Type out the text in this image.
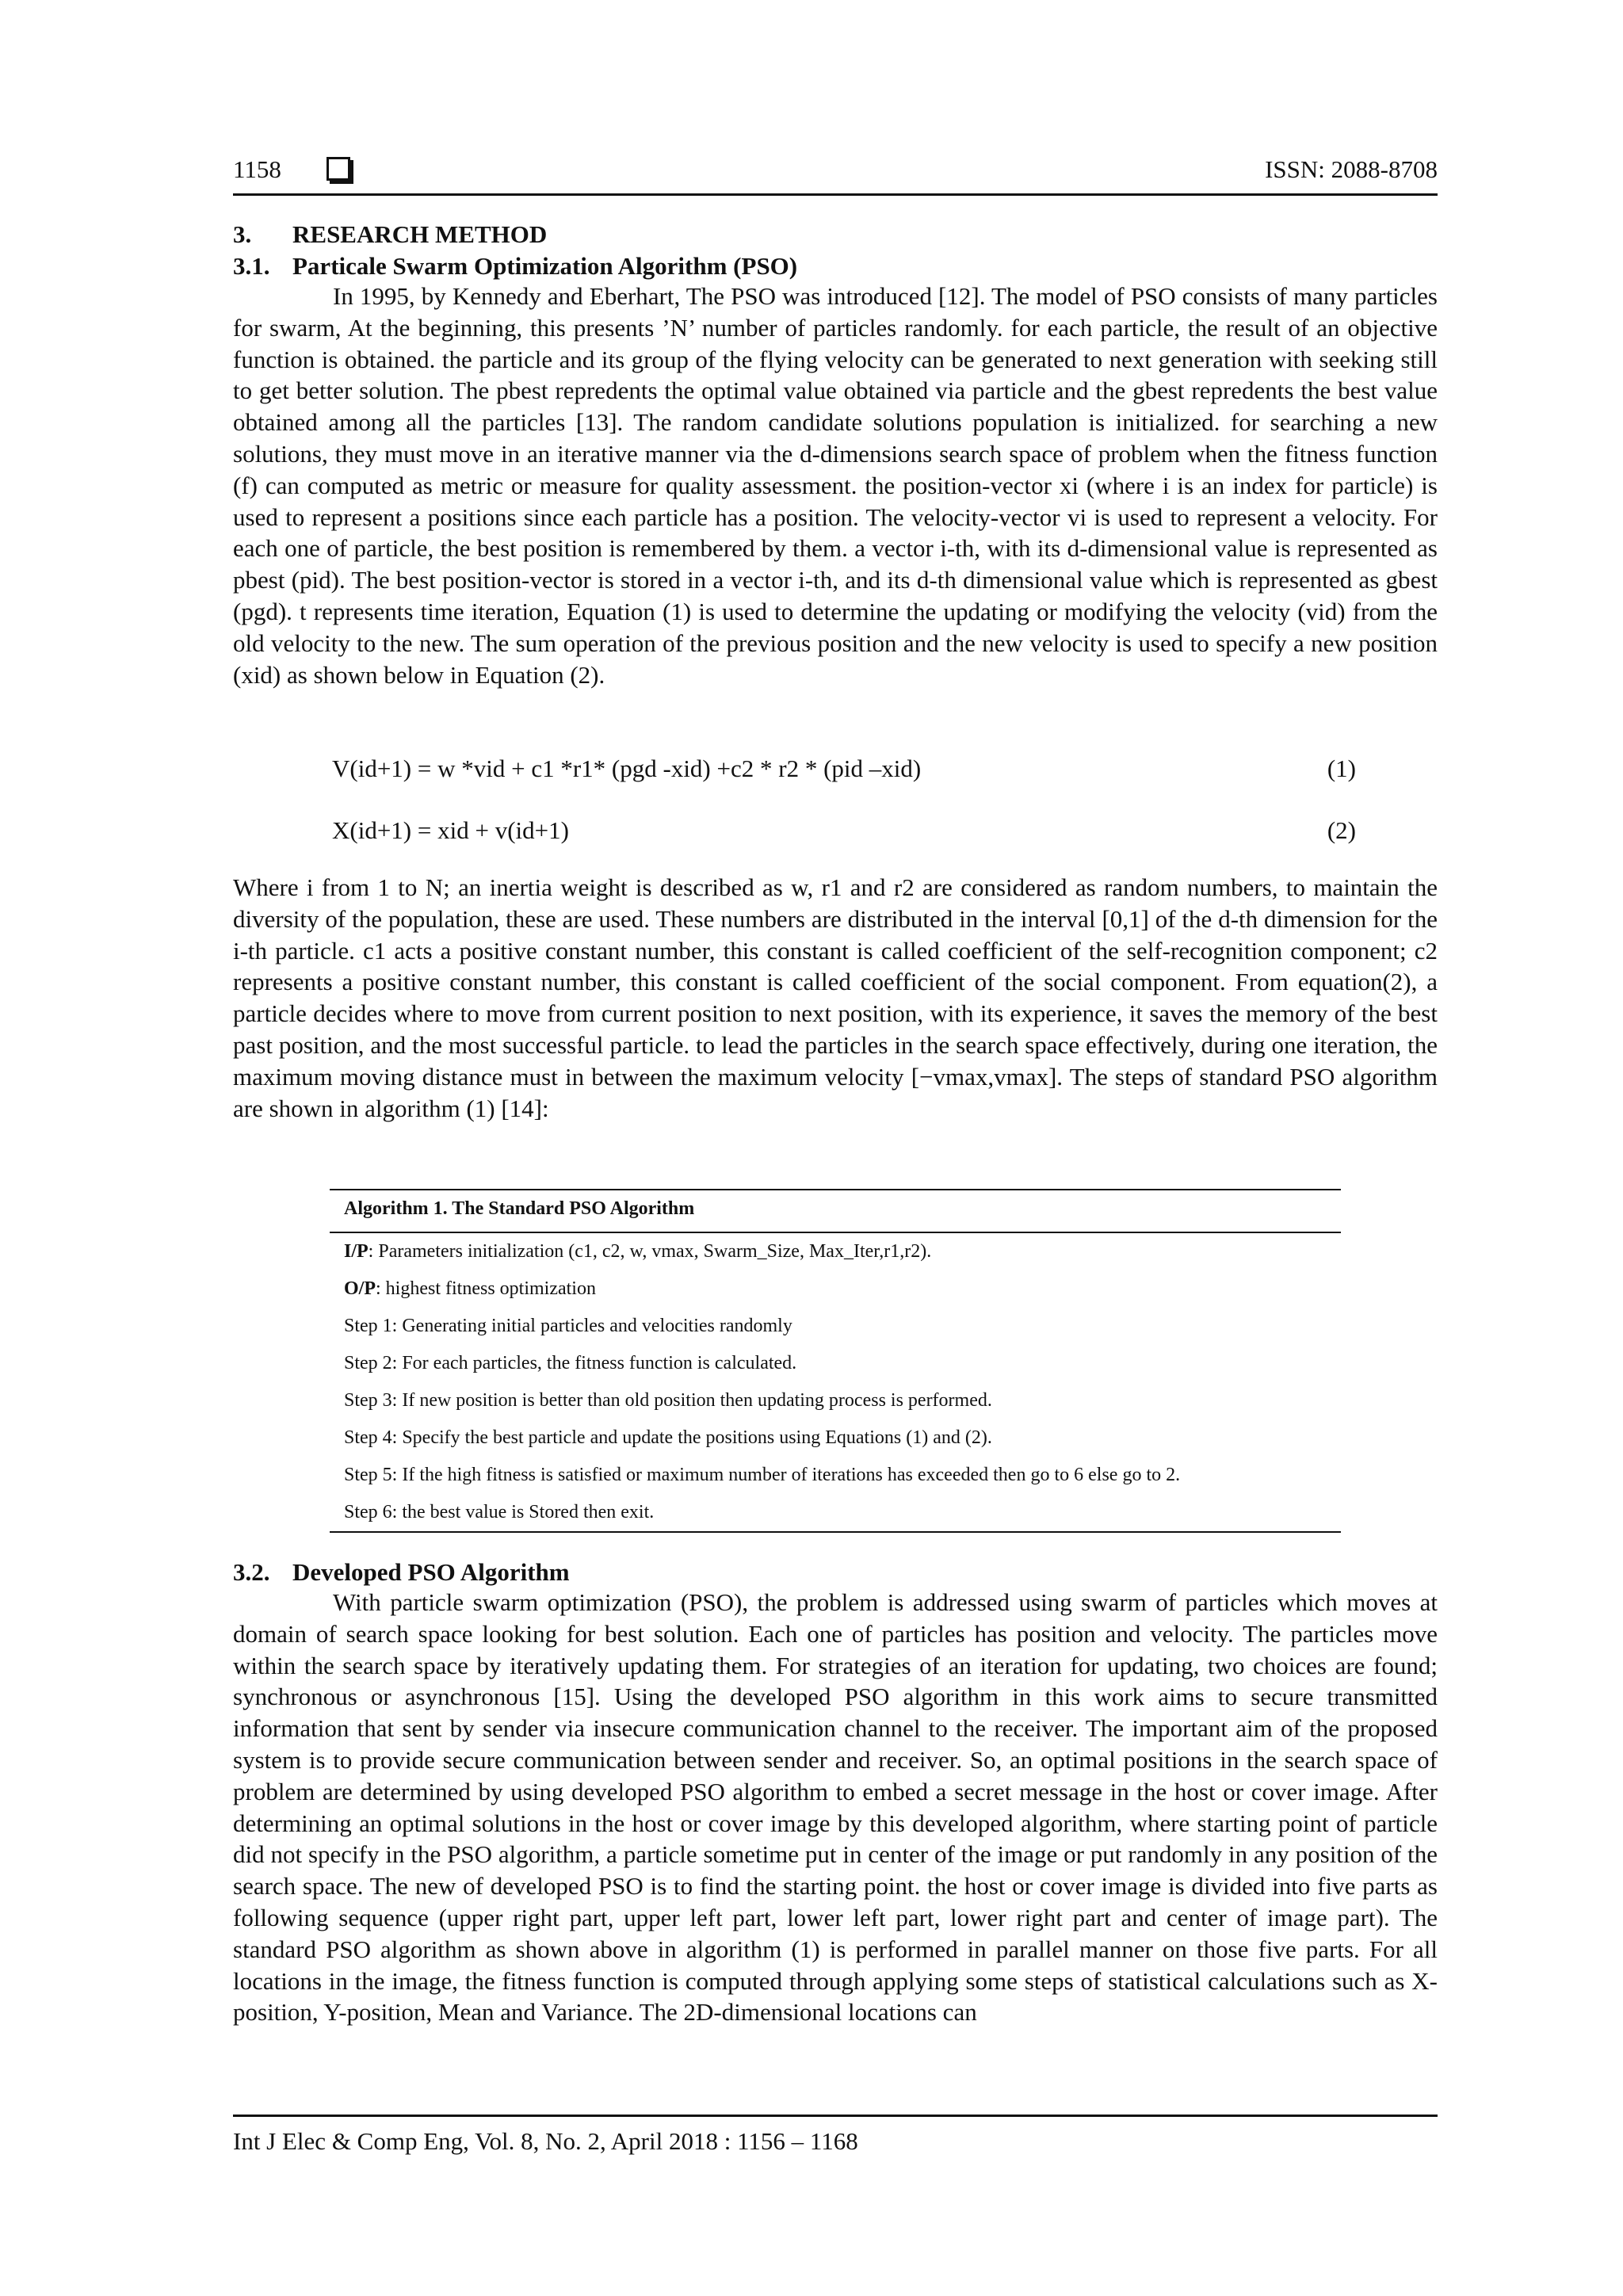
1158	ISSN: 2088-8708
3. RESEARCH METHOD
3.1. Particale Swarm Optimization Algorithm (PSO)
In 1995, by Kennedy and Eberhart, The PSO was introduced [12]. The model of PSO consists of many particles for swarm, At the beginning, this presents ’N’ number of particles randomly. for each particle, the result of an objective function is obtained. the particle and its group of the flying velocity can be generated to next generation with seeking still to get better solution. The pbest repredents the optimal value obtained via particle and the gbest repredents the best value obtained among all the particles [13]. The random candidate solutions population is initialized. for searching a new solutions, they must move in an iterative manner via the d-dimensions search space of problem when the fitness function (f) can computed as metric or measure for quality assessment. the position-vector xi (where i is an index for particle) is used to represent a positions since each particle has a position. The velocity-vector vi is used to represent a velocity. For each one of particle, the best position is remembered by them. a vector i-th, with its d-dimensional value is represented as pbest (pid). The best position-vector is stored in a vector i-th, and its d-th dimensional value which is represented as gbest (pgd). t represents time iteration, Equation (1) is used to determine the updating or modifying the velocity (vid) from the old velocity to the new. The sum operation of the previous position and the new velocity is used to specify a new position (xid) as shown below in Equation (2).
V(id+1) = w *vid + c1 *r1* (pgd -xid) +c2 * r2 * (pid –xid)	(1)
X(id+1) = xid + v(id+1)	(2)
Where i from 1 to N; an inertia weight is described as w, r1 and r2 are considered as random numbers, to maintain the diversity of the population, these are used. These numbers are distributed in the interval [0,1] of the d-th dimension for the i-th particle. c1 acts a positive constant number, this constant is called coefficient of the self-recognition component; c2 represents a positive constant number, this constant is called coefficient of the social component. From equation(2), a particle decides where to move from current position to next position, with its experience, it saves the memory of the best past position, and the most successful particle. to lead the particles in the search space effectively, during one iteration, the maximum moving distance must in between the maximum velocity [−vmax,vmax]. The steps of standard PSO algorithm are shown in algorithm (1) [14]:
Algorithm 1. The Standard PSO Algorithm
I/P: Parameters initialization (c1, c2, w, vmax, Swarm_Size, Max_Iter,r1,r2).
O/P: highest fitness optimization
Step 1: Generating initial particles and velocities randomly
Step 2: For each particles, the fitness function is calculated.
Step 3: If new position is better than old position then updating process is performed.
Step 4: Specify the best particle and update the positions using Equations (1) and (2).
Step 5: If the high fitness is satisfied or maximum number of iterations has exceeded then go to 6 else go to 2.
Step 6: the best value is Stored then exit.
3.2. Developed PSO Algorithm
With particle swarm optimization (PSO), the problem is addressed using swarm of particles which moves at domain of search space looking for best solution. Each one of particles has position and velocity. The particles move within the search space by iteratively updating them. For strategies of an iteration for updating, two choices are found; synchronous or asynchronous [15]. Using the developed PSO algorithm in this work aims to secure transmitted information that sent by sender via insecure communication channel to the receiver. The important aim of the proposed system is to provide secure communication between sender and receiver. So, an optimal positions in the search space of problem are determined by using developed PSO algorithm to embed a secret message in the host or cover image. After determining an optimal solutions in the host or cover image by this developed algorithm, where starting point of particle did not specify in the PSO algorithm, a particle sometime put in center of the image or put randomly in any position of the search space. The new of developed PSO is to find the starting point. the host or cover image is divided into five parts as following sequence (upper right part, upper left part, lower left part, lower right part and center of image part). The standard PSO algorithm as shown above in algorithm (1) is performed in parallel manner on those five parts. For all locations in the image, the fitness function is computed through applying some steps of statistical calculations such as X-position, Y-position, Mean and Variance. The 2D-dimensional locations can
Int J Elec & Comp Eng, Vol. 8, No. 2, April 2018 : 1156 – 1168
